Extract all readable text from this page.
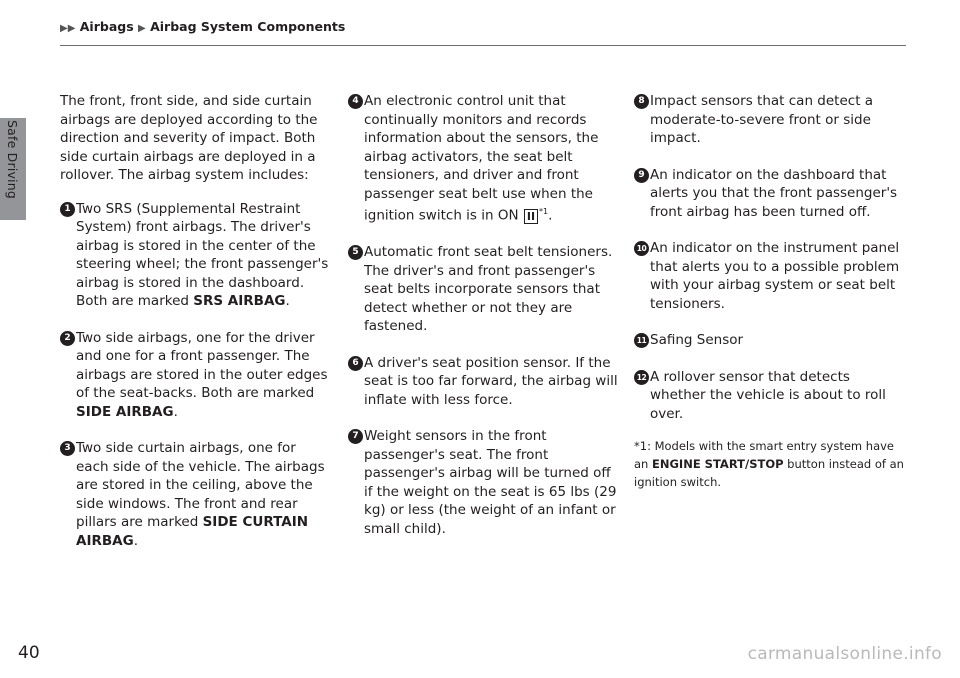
▶▶ Airbags ▶ Airbag System Components
Safe Driving

The front, front side, and side curtain airbags are deployed according to the direction and severity of impact. Both side curtain airbags are deployed in a rollover. The airbag system includes:

1 Two SRS (Supplemental Restraint System) front airbags. The driver's airbag is stored in the center of the steering wheel; the front passenger's airbag is stored in the dashboard. Both are marked SRS AIRBAG.
2 Two side airbags, one for the driver and one for a front passenger. The airbags are stored in the outer edges of the seat-backs. Both are marked SIDE AIRBAG.
3 Two side curtain airbags, one for each side of the vehicle. The airbags are stored in the ceiling, above the side windows. The front and rear pillars are marked SIDE CURTAIN AIRBAG.
4 An electronic control unit that continually monitors and records information about the sensors, the airbag activators, the seat belt tensioners, and driver and front passenger seat belt use when the ignition switch is in ON II $^{*1}$.
5 Automatic front seat belt tensioners. The driver's and front passenger's seat belts incorporate sensors that detect whether or not they are fastened.
6 A driver's seat position sensor. If the seat is too far forward, the airbag will inflate with less force.
7 Weight sensors in the front passenger's seat. The front passenger's airbag will be turned off if the weight on the seat is 65 lbs (29 kg) or less (the weight of an infant or small child).
8 Impact sensors that can detect a moderate-to-severe front or side impact.
9 An indicator on the dashboard that alerts you that the front passenger's front airbag has been turned off.
10 An indicator on the instrument panel that alerts you to a possible problem with your airbag system or seat belt tensioners.
11 Safing Sensor
12 A rollover sensor that detects whether the vehicle is about to roll over.
*1: Models with the smart entry system have an ENGINE START/STOP button instead of an ignition switch.
40	carmanualsonline.info
